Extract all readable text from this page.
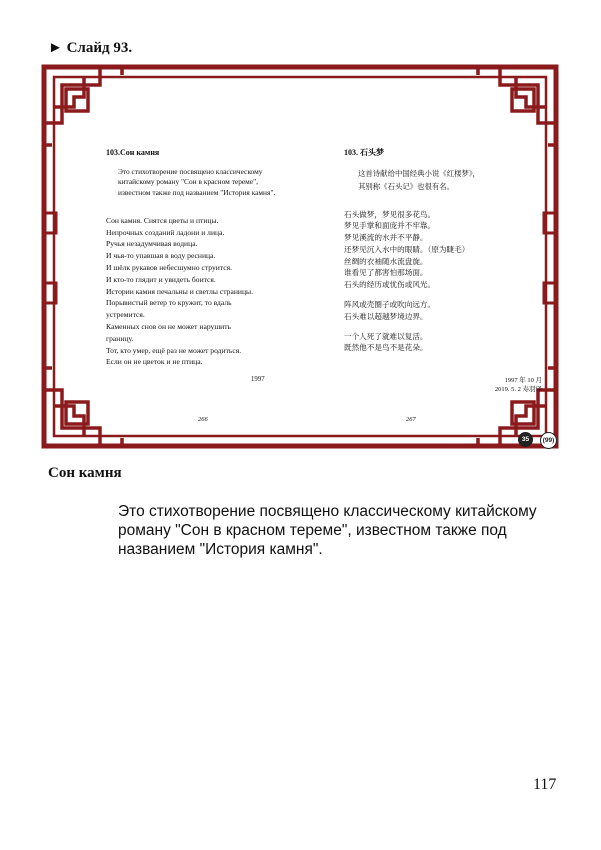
► Слайд 93.
103.Сон камня
Это стихотворение посвящено классическому китайскому роману "Сон в красном тереме", известном также под названием "История камня".
Сон камня. Снятся цветы и птицы.
Непрочных созданий ладони и лица.
Ручья незадумчивая водица.
И чья-то упавшая в воду ресница.
И шёлк рукавов небесшумно струится.
И кто-то глядит и увидеть боится.
Истории камня печальны и светлы страницы.
Порывистый ветер то кружит, то вдаль
устремится.
Каменных снов он не может нарушить
границу.
Тот, кто умер, ещё раз не может родиться.
Если он не цветок и не птица.
1997
266
103. 石头梦
这首诗献给中国经典小说《红楼梦》，
其别称《石头记》也很有名。
石头做梦，梦见很多花鸟。
梦见手掌和面庞并不牢靠。
梦见溪流的水并不平静。
还梦见沉入水中的眼睛。（原为睫毛）
丝绸的衣袖随水流盘旋。
谁看见了都害怕那场面。
石头的经历或忧伤或风光。
阵风或壳圈子或吹向远方。
石头难以超越梦境边界。
一个人死了就难以复活。
既然他不是鸟不是花朵。
1997 年 10 月
2019. 5. 2 寿羽译
267
35	(99)
Сон камня
Это стихотворение посвящено классическому китайскому роману "Сон в красном тереме", известном также под названием "История камня".
117
